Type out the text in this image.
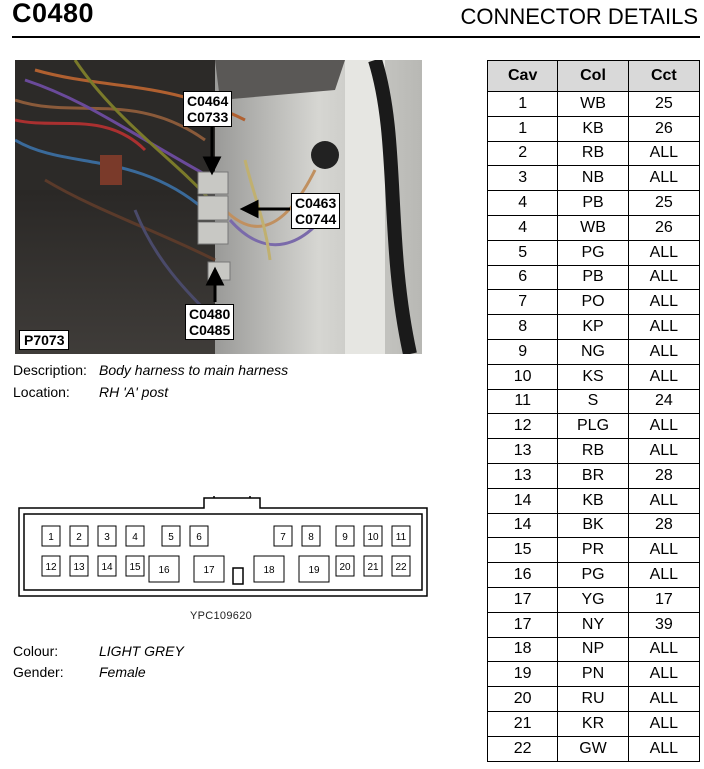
C0480	CONNECTOR DETAILS
C0464
C0733
C0463
C0744
C0480
C0485
P7073
Description: Body harness to main harness
Location: RH 'A' post
1 2 3 4	5 6	7 8	9 10 11
12 13 14 15 16	17	18	19 20 21 22
YPC109620
Colour:	LIGHT GREY
Gender:	Female
Cav	Col	Cct
1	WB	25
1	KB	26
2	RB	ALL
3	NB	ALL
4	PB	25
4	WB	26
5	PG	ALL
6	PB	ALL
7	PO	ALL
8	KP	ALL
9	NG	ALL
10	KS	ALL
11	S	24
12	PLG	ALL
13	RB	ALL
13	BR	28
14	KB	ALL
14	BK	28
15	PR	ALL
16	PG	ALL
17	YG	17
17	NY	39
18	NP	ALL
19	PN	ALL
20	RU	ALL
21	KR	ALL
22	GW	ALL
